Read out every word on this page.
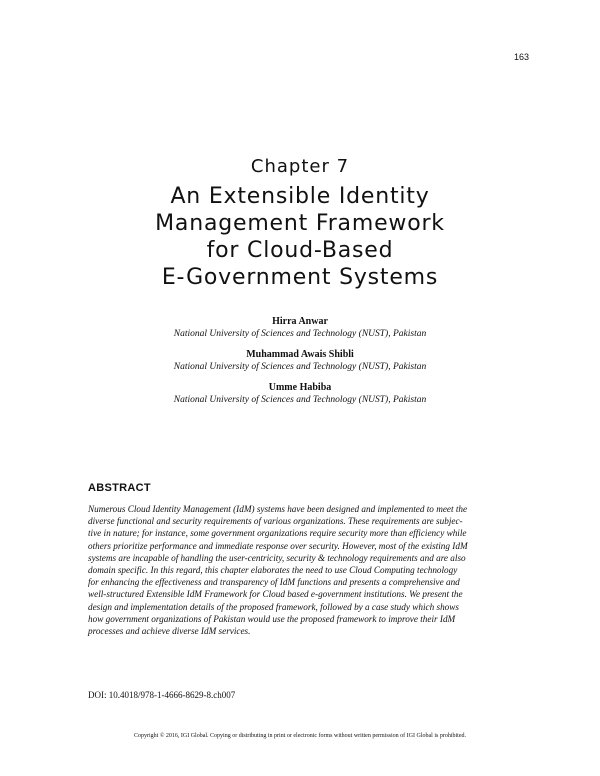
163
Chapter 7
An Extensible Identity
Management Framework
for Cloud-Based
E-Government Systems
Hirra Anwar
National University of Sciences and Technology (NUST), Pakistan
Muhammad Awais Shibli
National University of Sciences and Technology (NUST), Pakistan
Umme Habiba
National University of Sciences and Technology (NUST), Pakistan
ABSTRACT
Numerous Cloud Identity Management (IdM) systems have been designed and implemented to meet the
diverse functional and security requirements of various organizations. These requirements are subjec-
tive in nature; for instance, some government organizations require security more than efficiency while
others prioritize performance and immediate response over security. However, most of the existing IdM
systems are incapable of handling the user-centricity, security & technology requirements and are also
domain specific. In this regard, this chapter elaborates the need to use Cloud Computing technology
for enhancing the effectiveness and transparency of IdM functions and presents a comprehensive and
well-structured Extensible IdM Framework for Cloud based e-government institutions. We present the
design and implementation details of the proposed framework, followed by a case study which shows
how government organizations of Pakistan would use the proposed framework to improve their IdM
processes and achieve diverse IdM services.
DOI: 10.4018/978-1-4666-8629-8.ch007
Copyright © 2016, IGI Global. Copying or distributing in print or electronic forms without written permission of IGI Global is prohibited.
